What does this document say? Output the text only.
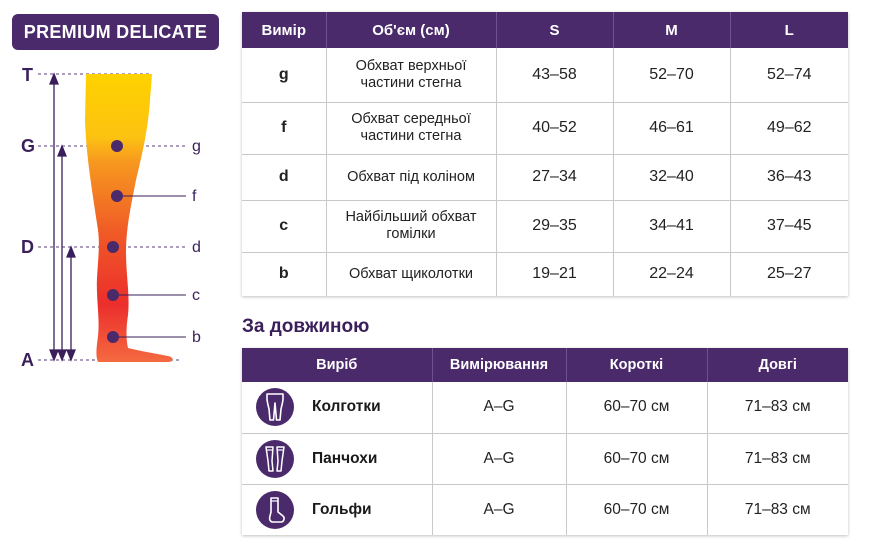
PREMIUM DELICATE
T
G
D
A
g
f
d
c
b
Вимір	Об'єм (см)	S	M	L
g	Обхват верхньої частини стегна	43–58	52–70	52–74
f	Обхват середньої частини стегна	40–52	46–61	49–62
d	Обхват під коліном	27–34	32–40	36–43
c	Найбільший обхват гомілки	29–35	34–41	37–45
b	Обхват щиколотки	19–21	22–24	25–27
За довжиною
Виріб	Вимірювання	Короткі	Довгі

Колготки	A–G	60–70 см	71–83 см

Панчохи	A–G	60–70 см	71–83 см

Гольфи	A–G	60–70 см	71–83 см
